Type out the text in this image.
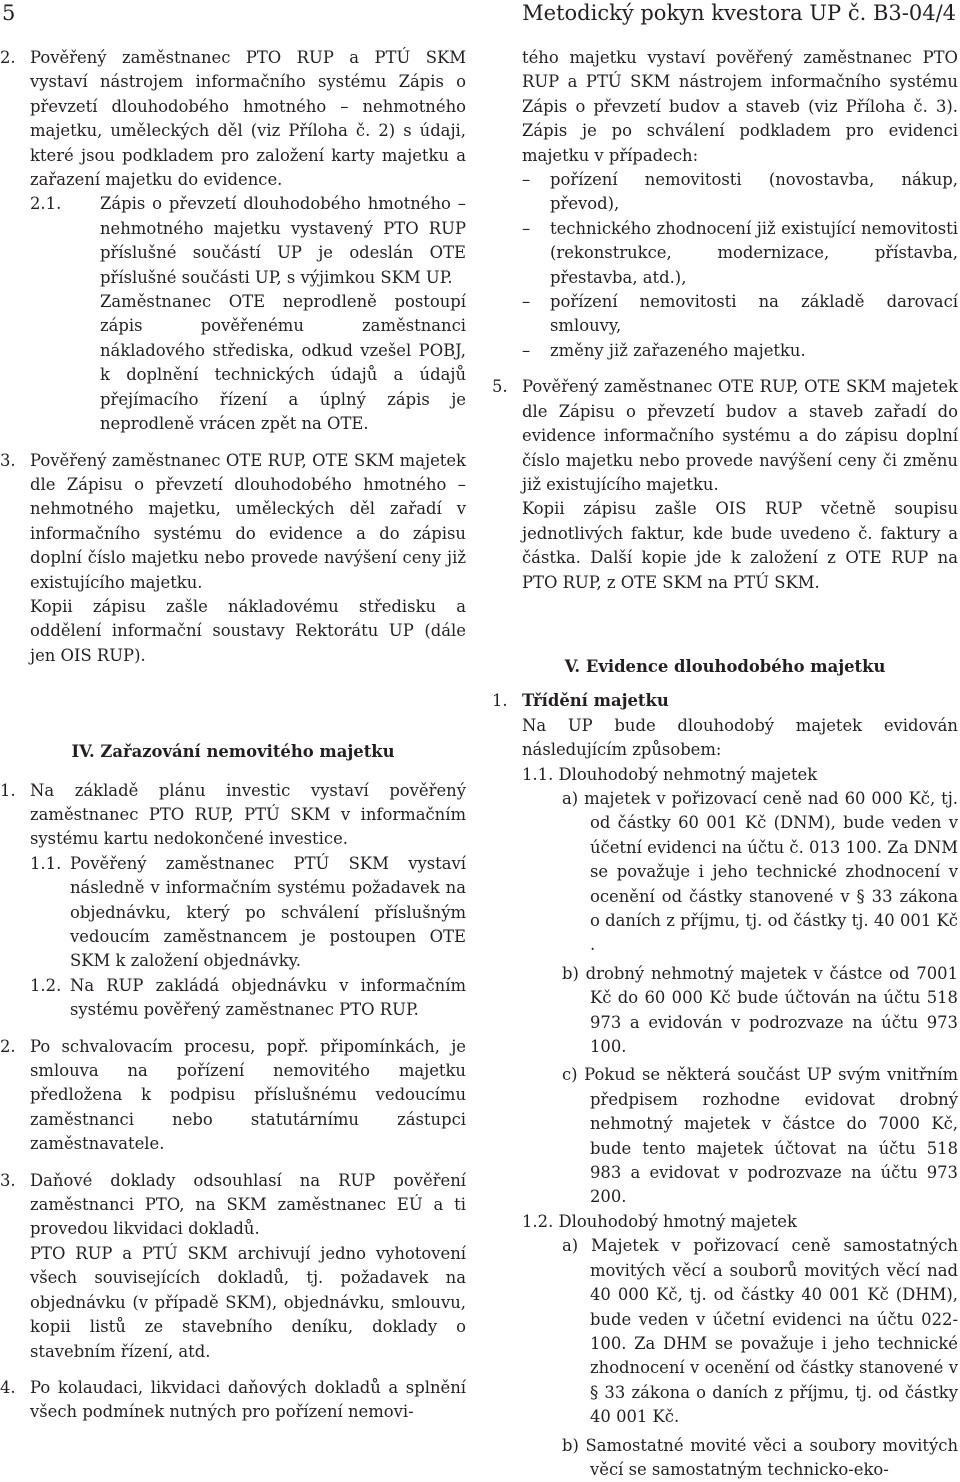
5	Metodický pokyn kvestora UP č. B3-04/4
2. Pověřený zaměstnanec PTO RUP a PTÚ SKM vystaví nástrojem informačního systému Zápis o převzetí dlouhodobého hmotného – nehmotného majetku, uměleckých děl (viz Příloha č. 2) s údaji, které jsou podkladem pro založení karty majetku a zařazení majetku do evidence.

2.1. Zápis o převzetí dlouhodobého hmotného – nehmotného majetku vystavený PTO RUP příslušné součástí UP je odeslán OTE příslušné součásti UP, s výjimkou SKM UP.

Zaměstnanec OTE neprodleně postoupí zápis pověřenému zaměstnanci nákladového střediska, odkud vzešel POBJ, k doplnění technických údajů a údajů přejímacího řízení a úplný zápis je neprodleně vrácen zpět na OTE.

3. Pověřený zaměstnanec OTE RUP, OTE SKM majetek dle Zápisu o převzetí dlouhodobého hmotného – nehmotného majetku, uměleckých děl zařadí v informačního systému do evidence a do zápisu doplní číslo majetku nebo provede navýšení ceny již existujícího majetku.

Kopii zápisu zašle nákladovému středisku a oddělení informační soustavy Rektorátu UP (dále jen OIS RUP).

IV. Zařazování nemovitého majetku

1. Na základě plánu investic vystaví pověřený zaměstnanec PTO RUP, PTÚ SKM v informačním systému kartu nedokončené investice.

1.1. Pověřený zaměstnanec PTÚ SKM vystaví následně v informačním systému požadavek na objednávku, který po schválení příslušným vedoucím zaměstnancem je postoupen OTE SKM k založení objednávky.

1.2. Na RUP zakládá objednávku v informačním systému pověřený zaměstnanec PTO RUP.

2. Po schvalovacím procesu, popř. připomínkách, je smlouva na pořízení nemovitého majetku předložena k podpisu příslušnému vedoucímu zaměstnanci nebo statutárnímu zástupci zaměstnavatele.

3. Daňové doklady odsouhlasí na RUP pověření zaměstnanci PTO, na SKM zaměstnanec EÚ a ti provedou likvidaci dokladů.

PTO RUP a PTÚ SKM archivují jedno vyhotovení všech souvisejících dokladů, tj. požadavek na objednávku (v případě SKM), objednávku, smlouvu, kopii listů ze stavebního deníku, doklady o stavebním řízení, atd.

4. Po kolaudaci, likvidaci daňových dokladů a splnění všech podmínek nutných pro pořízení nemovi-

tého majetku vystaví pověřený zaměstnanec PTO RUP a PTÚ SKM nástrojem informačního systému Zápis o převzetí budov a staveb (viz Příloha č. 3). Zápis je po schválení podkladem pro evidenci majetku v případech:

– pořízení nemovitosti (novostavba, nákup, převod),

– technického zhodnocení již existující nemovitosti (rekonstrukce, modernizace, přístavba, přestavba, atd.),

– pořízení nemovitosti na základě darovací smlouvy,

– změny již zařazeného majetku.

5. Pověřený zaměstnanec OTE RUP, OTE SKM majetek dle Zápisu o převzetí budov a staveb zařadí do evidence informačního systému a do zápisu doplní číslo majetku nebo provede navýšení ceny či změnu již existujícího majetku.

Kopii zápisu zašle OIS RUP včetně soupisu jednotlivých faktur, kde bude uvedeno č. faktury a částka. Další kopie jde k založení z OTE RUP na PTO RUP, z OTE SKM na PTÚ SKM.

V. Evidence dlouhodobého majetku

1. Třídění majetku

Na UP bude dlouhodobý majetek evidován následujícím způsobem:

1.1. Dlouhodobý nehmotný majetek

a) majetek v pořizovací ceně nad 60 000 Kč, tj. od částky 60 001 Kč (DNM), bude veden v účetní evidenci na účtu č. 013 100. Za DNM se považuje i jeho technické zhodnocení v ocenění od částky stanovené v § 33 zákona o daních z příjmu, tj. od částky tj. 40 001 Kč .

b) drobný nehmotný majetek v částce od 7001 Kč do 60 000 Kč bude účtován na účtu 518 973 a evidován v podrozvaze na účtu 973 100.

c) Pokud se některá součást UP svým vnitřním předpisem rozhodne evidovat drobný nehmotný majetek v částce do 7000 Kč, bude tento majetek účtovat na účtu 518 983 a evidovat v podrozvaze na účtu 973 200.

1.2. Dlouhodobý hmotný majetek

a) Majetek v pořizovací ceně samostatných movitých věcí a souborů movitých věcí nad 40 000 Kč, tj. od částky 40 001 Kč (DHM), bude veden v účetní evidenci na účtu 022-100. Za DHM se považuje i jeho technické zhodnocení v ocenění od částky stanovené v § 33 zákona o daních z příjmu, tj. od částky 40 001 Kč.

b) Samostatné movité věci a soubory movitých věcí se samostatným technicko-eko-
